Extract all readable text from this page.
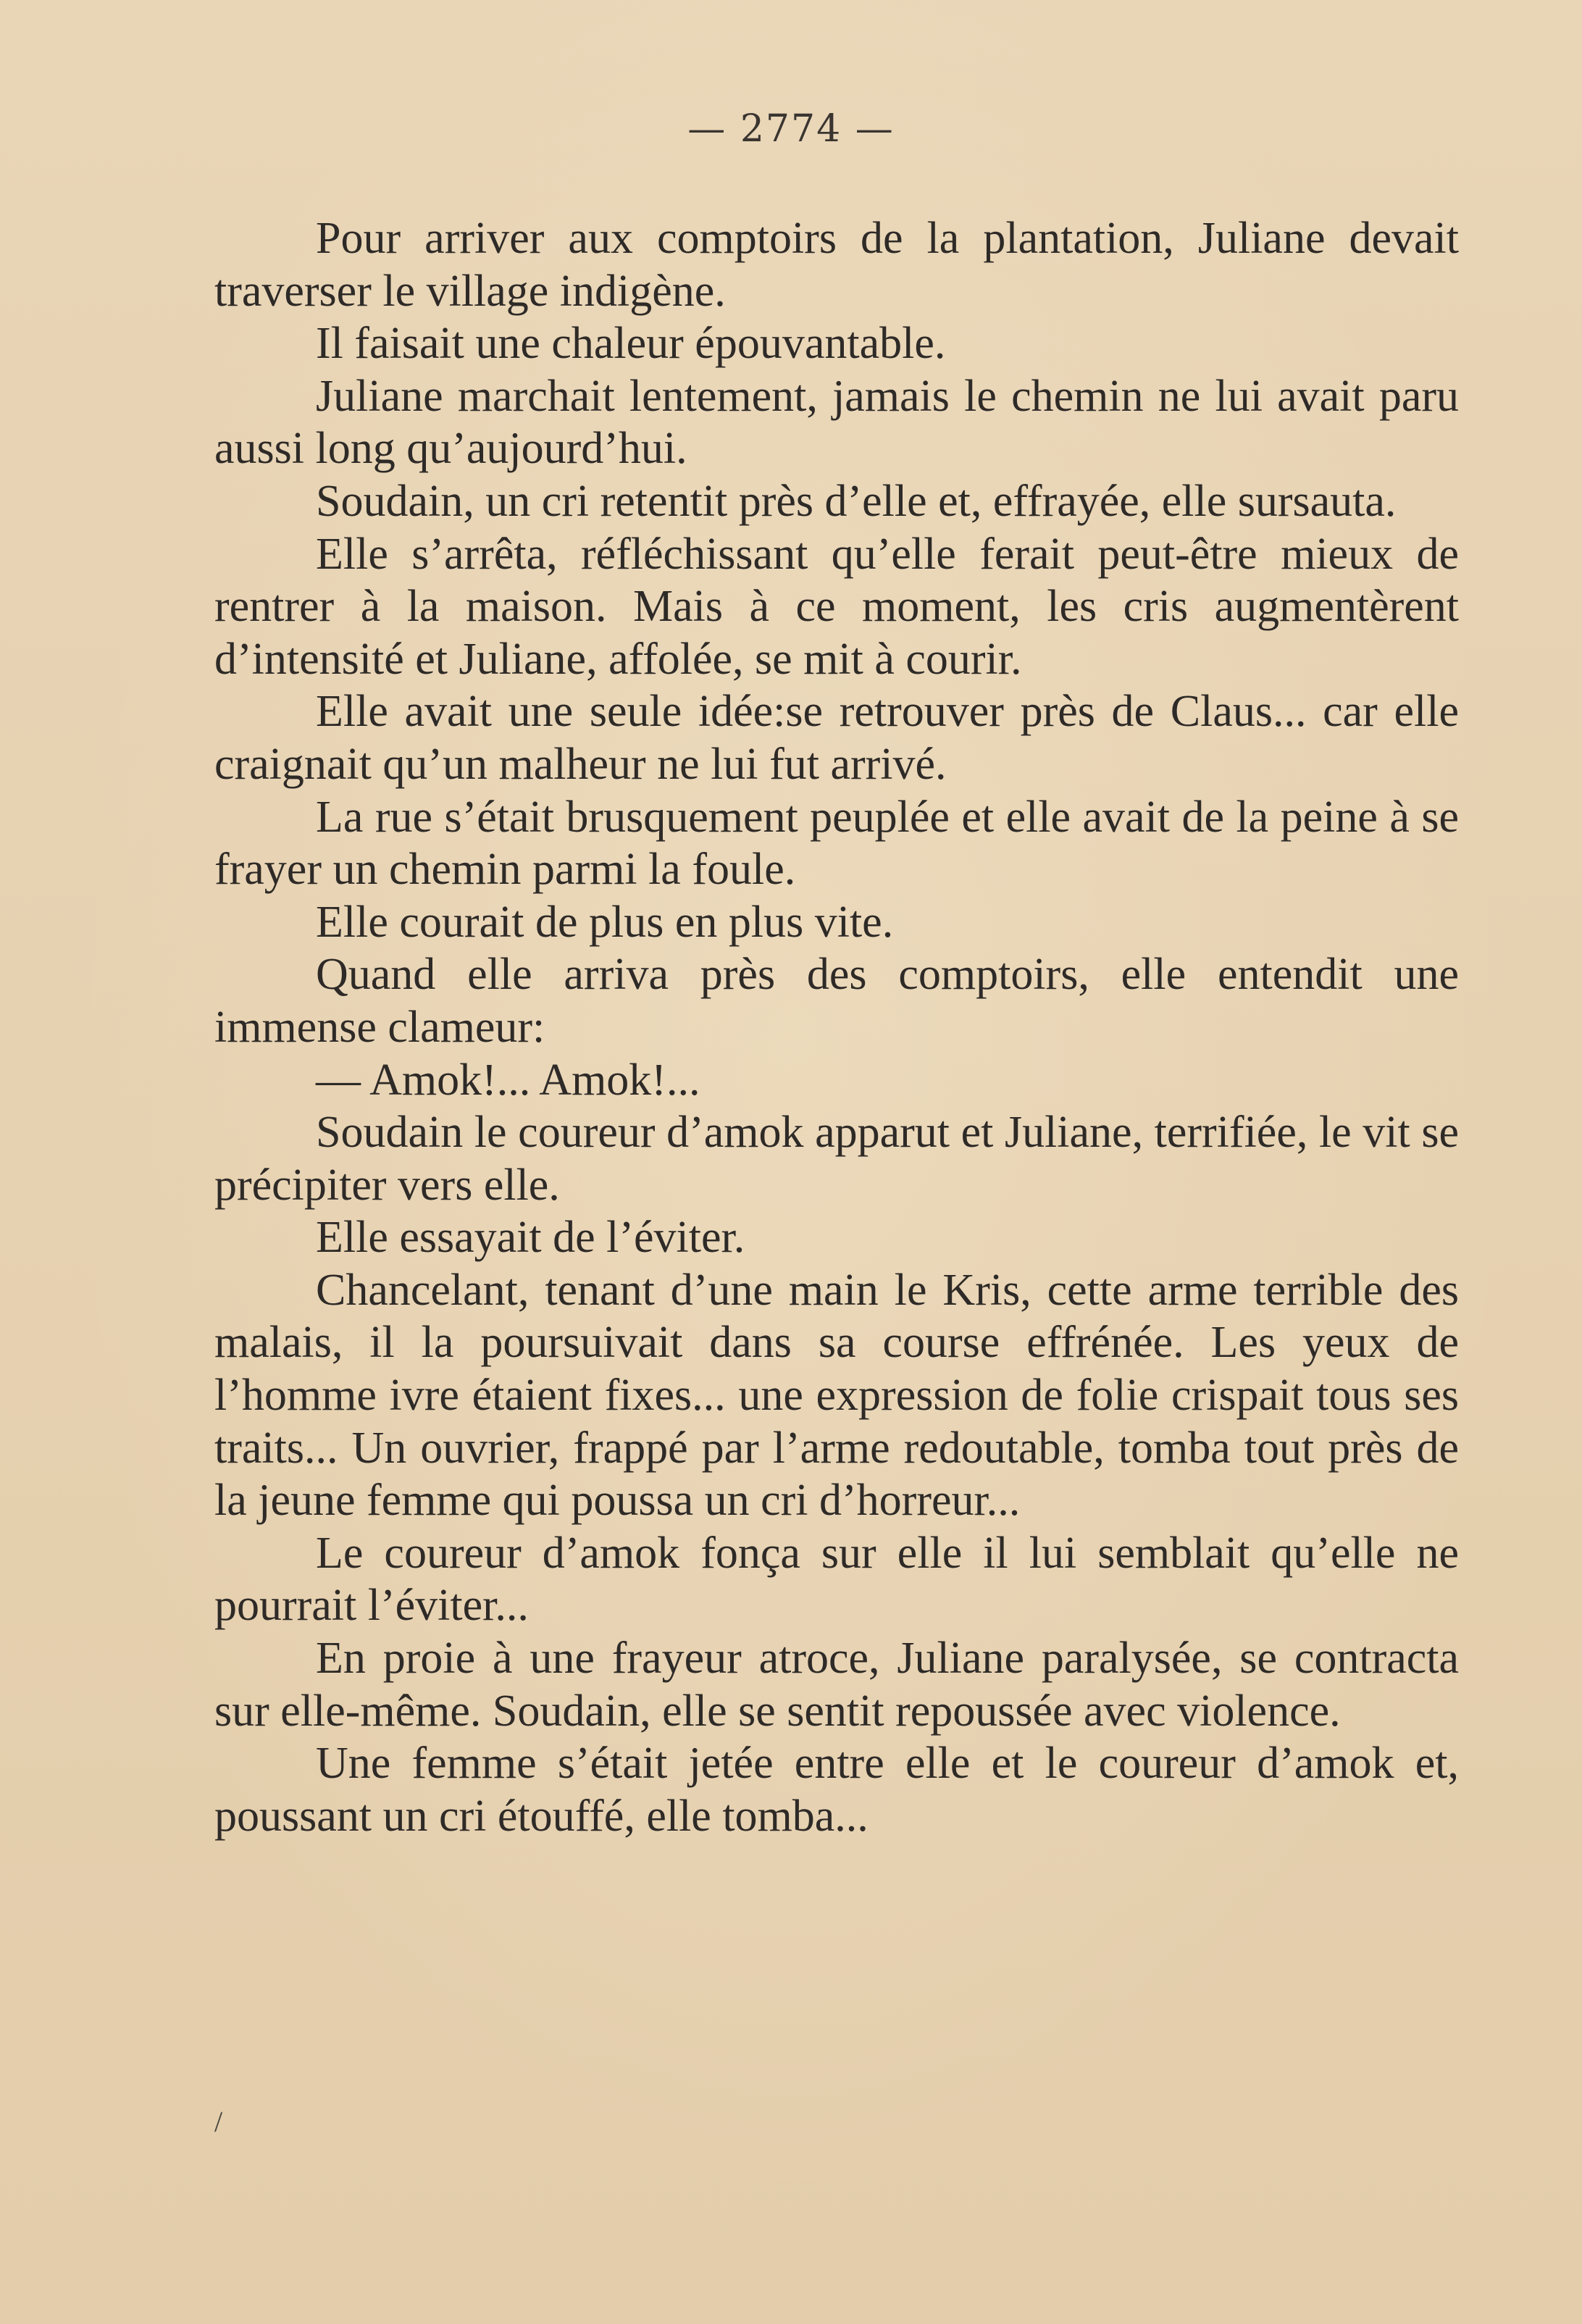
— 2774 —

Pour arriver aux comptoirs de la plantation, Juliane devait traverser le village indigène.

Il faisait une chaleur épouvantable.

Juliane marchait lentement, jamais le chemin ne lui avait paru aussi long qu’aujourd’hui.

Soudain, un cri retentit près d’elle et, effrayée, elle sursauta.

Elle s’arrêta, réfléchissant qu’elle ferait peut-être mieux de rentrer à la maison. Mais à ce moment, les cris augmentèrent d’intensité et Juliane, affolée, se mit à courir.

Elle avait une seule idée:se retrouver près de Claus... car elle craignait qu’un malheur ne lui fut arrivé.

La rue s’était brusquement peuplée et elle avait de la peine à se frayer un chemin parmi la foule.

Elle courait de plus en plus vite.

Quand elle arriva près des comptoirs, elle entendit une immense clameur:

— Amok!... Amok!...

Soudain le coureur d’amok apparut et Juliane, terrifiée, le vit se précipiter vers elle.

Elle essayait de l’éviter.

Chancelant, tenant d’une main le Kris, cette arme terrible des malais, il la poursuivait dans sa course effrénée. Les yeux de l’homme ivre étaient fixes... une expression de folie crispait tous ses traits... Un ouvrier, frappé par l’arme redoutable, tomba tout près de la jeune femme qui poussa un cri d’horreur...

Le coureur d’amok fonça sur elle il lui semblait qu’elle ne pourrait l’éviter...

En proie à une frayeur atroce, Juliane paralysée, se contracta sur elle-même. Soudain, elle se sentit repoussée avec violence.

Une femme s’était jetée entre elle et le coureur d’amok et, poussant un cri étouffé, elle tomba...

/
